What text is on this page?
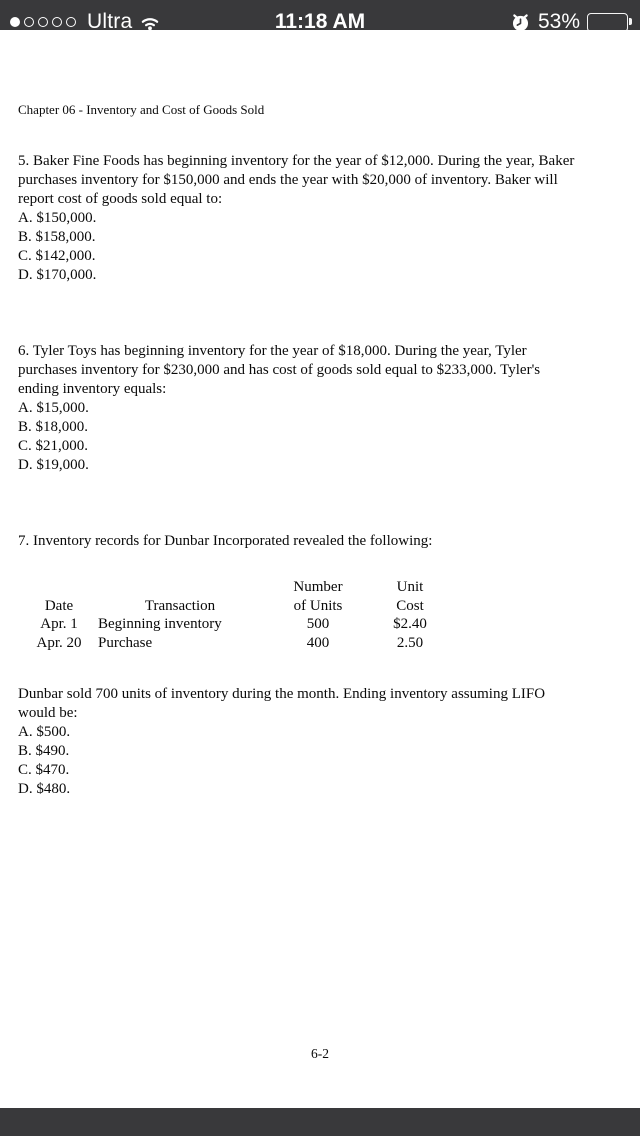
Ultra	11:18 AM	53%
Chapter 06 - Inventory and Cost of Goods Sold
5. Baker Fine Foods has beginning inventory for the year of $12,000. During the year, Baker
purchases inventory for $150,000 and ends the year with $20,000 of inventory. Baker will
report cost of goods sold equal to:
A. $150,000.
B. $158,000.
C. $142,000.
D. $170,000.
6. Tyler Toys has beginning inventory for the year of $18,000. During the year, Tyler
purchases inventory for $230,000 and has cost of goods sold equal to $233,000. Tyler's
ending inventory equals:
A. $15,000.
B. $18,000.
C. $21,000.
D. $19,000.
7. Inventory records for Dunbar Incorporated revealed the following:
		Number	Unit
Date	Transaction	of Units	Cost
Apr. 1	Beginning inventory	500	$2.40
Apr. 20	Purchase	400	2.50
Dunbar sold 700 units of inventory during the month. Ending inventory assuming LIFO
would be:
A. $500.
B. $490.
C. $470.
D. $480.
6-2
